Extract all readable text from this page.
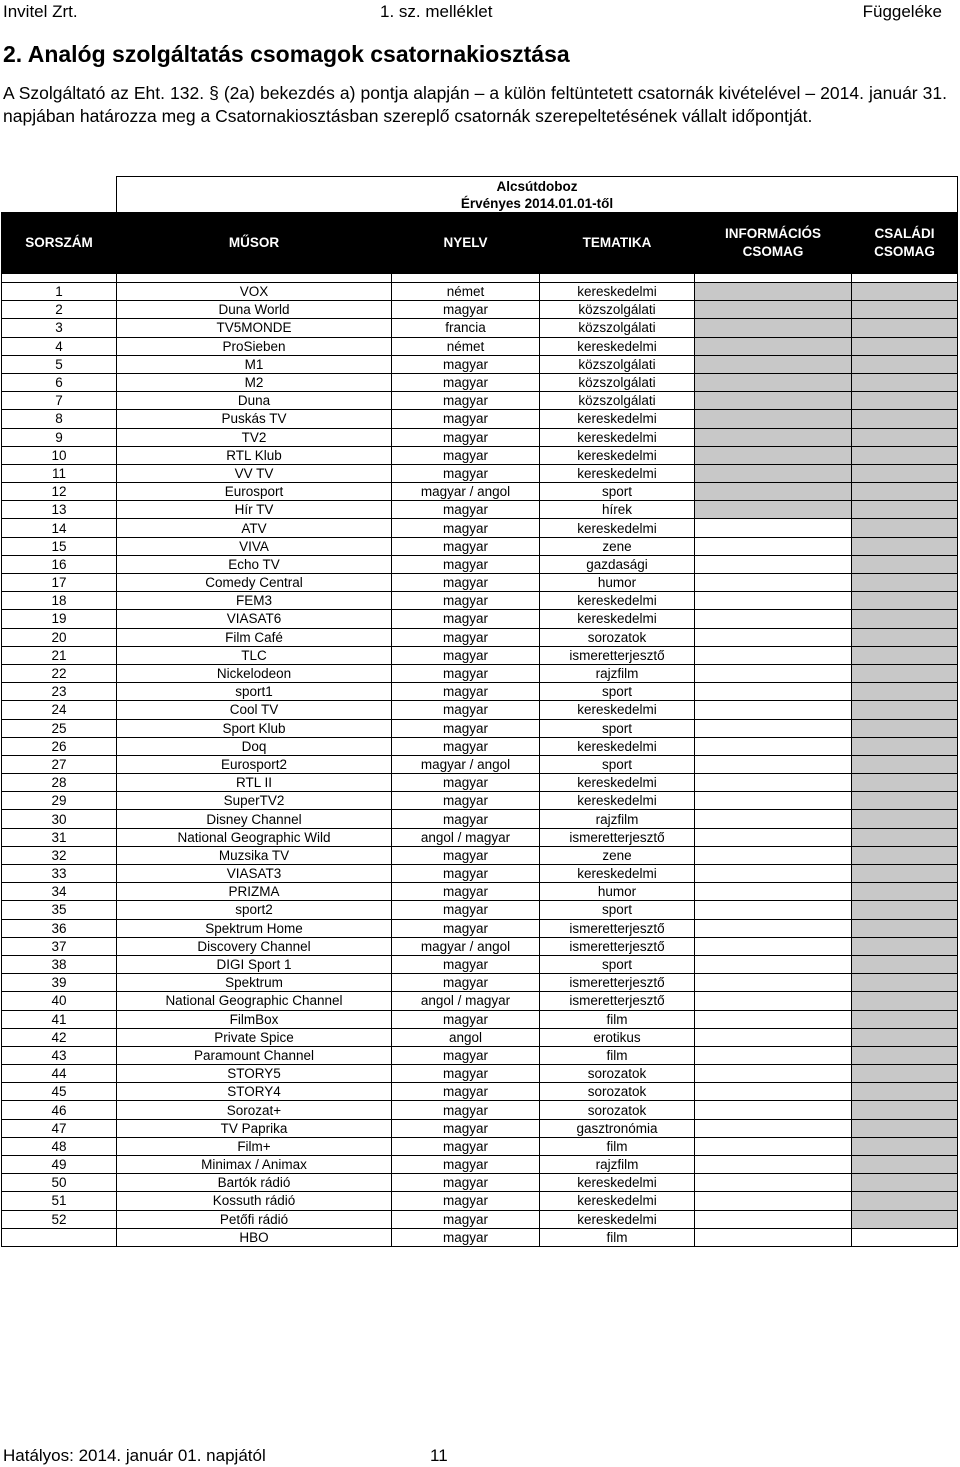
Invitel Zrt.	1. sz. melléklet	Függeléke
2. Analóg szolgáltatás csomagok csatornakiosztása
A Szolgáltató az Eht. 132. § (2a) bekezdés a) pontja alapján – a külön feltüntetett csatornák kivételével – 2014. január 31. napjában határozza meg a Csatornakiosztásban szereplő csatornák szerepeltetésének vállalt időpontját.

	Alcsútdoboz
Érvényes 2014.01.01-től				

SORSZÁM	MŰSOR	NYELV	TEMATIKA	INFORMÁCIÓS CSOMAG	CSALÁDI CSOMAG

1	VOX	német	kereskedelmi		
2	Duna World	magyar	közszolgálati		
3	TV5MONDE	francia	közszolgálati		
4	ProSieben	német	kereskedelmi		
5	M1	magyar	közszolgálati		
6	M2	magyar	közszolgálati		
7	Duna	magyar	közszolgálati		
8	Puskás TV	magyar	kereskedelmi		
9	TV2	magyar	kereskedelmi		
10	RTL Klub	magyar	kereskedelmi		
11	VV TV	magyar	kereskedelmi		
12	Eurosport	magyar / angol	sport		
13	Hír TV	magyar	hírek		
14	ATV	magyar	kereskedelmi		
15	VIVA	magyar	zene		
16	Echo TV	magyar	gazdasági		
17	Comedy Central	magyar	humor		
18	FEM3	magyar	kereskedelmi		
19	VIASAT6	magyar	kereskedelmi		
20	Film Café	magyar	sorozatok		
21	TLC	magyar	ismeretterjesztő		
22	Nickelodeon	magyar	rajzfilm		
23	sport1	magyar	sport		
24	Cool TV	magyar	kereskedelmi		
25	Sport Klub	magyar	sport		
26	Doq	magyar	kereskedelmi		
27	Eurosport2	magyar / angol	sport		
28	RTL II	magyar	kereskedelmi		
29	SuperTV2	magyar	kereskedelmi		
30	Disney Channel	magyar	rajzfilm		
31	National Geographic Wild	angol / magyar	ismeretterjesztő		
32	Muzsika TV	magyar	zene		
33	VIASAT3	magyar	kereskedelmi		
34	PRIZMA	magyar	humor		
35	sport2	magyar	sport		
36	Spektrum Home	magyar	ismeretterjesztő		
37	Discovery Channel	magyar / angol	ismeretterjesztő		
38	DIGI Sport 1	magyar	sport		
39	Spektrum	magyar	ismeretterjesztő		
40	National Geographic Channel	angol / magyar	ismeretterjesztő		
41	FilmBox	magyar	film		
42	Private Spice	angol	erotikus		
43	Paramount Channel	magyar	film		
44	STORY5	magyar	sorozatok		
45	STORY4	magyar	sorozatok		
46	Sorozat+	magyar	sorozatok		
47	TV Paprika	magyar	gasztronómia		
48	Film+	magyar	film		
49	Minimax / Animax	magyar	rajzfilm		
50	Bartók rádió	magyar	kereskedelmi		
51	Kossuth rádió	magyar	kereskedelmi		
52	Petőfi rádió	magyar	kereskedelmi		
	HBO	magyar	film		
Hatályos: 2014. január 01. napjától	11
